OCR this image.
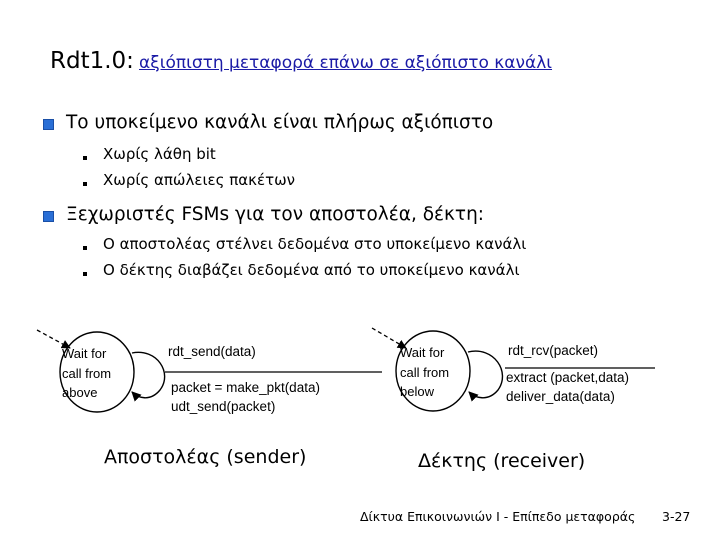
Rdt1.0: αξιόπιστη μεταφορά επάνω σε αξιόπιστο κανάλι
Το υποκείμενο κανάλι είναι πλήρως αξιόπιστο
Χωρίς λάθη bit
Χωρίς απώλειες πακέτων
Ξεχωριστές FSMs για τον αποστολέα, δέκτη:
Ο αποστολέας στέλνει δεδομένα στο υποκείμενο κανάλι
Ο δέκτης διαβάζει δεδομένα από το υποκείμενο κανάλι
Wait for
call from
above
rdt_send(data)
packet = make_pkt(data)
udt_send(packet)
Αποστολέας (sender)
Wait for
call from
below
rdt_rcv(packet)
extract (packet,data)
deliver_data(data)
Δέκτης (receiver)
Δίκτυα Επικοινωνιών Ι - Επίπεδο μεταφοράς 3-27
